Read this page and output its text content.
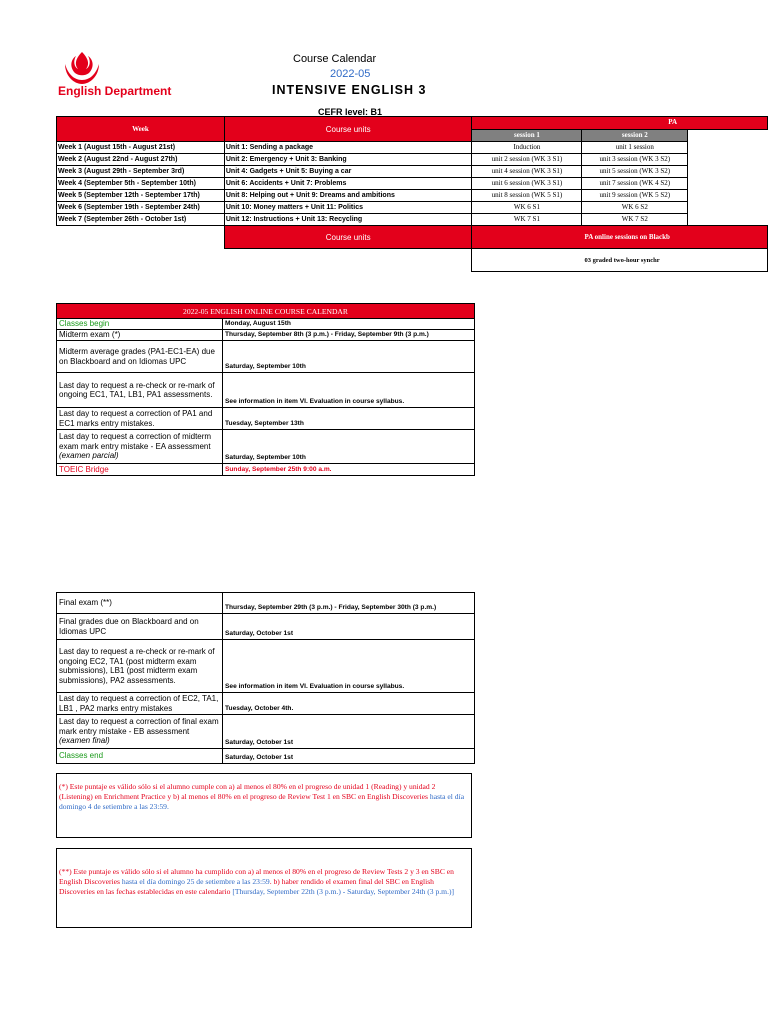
English Department
Course Calendar
2022-05
INTENSIVE ENGLISH 3
CEFR level: B1
Week	Course units	PA		
		session 1	session 2	
Week 1 (August 15th - August 21st)	Unit 1: Sending a package	Induction	unit 1 session	
Week 2 (August 22nd - August 27th)	Unit 2: Emergency + Unit 3: Banking	unit 2 session (WK 3 S1)	unit 3 session (WK 3 S2)	
Week 3 (August 29th - September 3rd)	Unit 4: Gadgets + Unit 5: Buying a car	unit 4 session (WK 3 S1)	unit 5 session (WK 3 S2)	
Week 4 (September 5th - September 10th)	Unit 6: Accidents + Unit 7: Problems	unit 6 session (WK 3 S1)	unit 7 session (WK 4 S2)	
Week 5 (September 12th - September 17th)	Unit 8: Helping out + Unit 9: Dreams and ambitions	unit 8 session (WK 5 S1)	unit 9 session (WK 5 S2)	
Week 6 (September 19th - September 24th)	Unit 10: Money matters + Unit 11: Politics	WK 6 S1	WK 6 S2	
Week 7 (September 26th - October 1st)	Unit 12: Instructions + Unit 13: Recycling	WK 7 S1	WK 7 S2	
	Course units	PA online sessions on Blackb		
		03 graded two-hour synchr		
2022-05 ENGLISH ONLINE COURSE CALENDAR	
Classes begin	Monday, August 15th
Midterm exam (*)	Thursday, September 8th (3 p.m.) - Friday, September 9th (3 p.m.)
Midterm average grades (PA1-EC1-EA) due on Blackboard and on Idiomas UPC	Saturday, September 10th
Last day to request a re-check or re-mark of ongoing EC1, TA1, LB1, PA1 assessments.	See information in item VI. Evaluation in course syllabus.
Last day to request a correction of PA1 and EC1 marks entry mistakes.	Tuesday, September 13th
Last day to request a correction of midterm exam mark entry mistake - EA assessment
(examen parcial)	Saturday, September 10th
TOEIC Bridge	Sunday, September 25th 9:00 a.m.
Final exam (**)	Thursday, September 29th (3 p.m.) - Friday, September 30th (3 p.m.)
Final grades due on Blackboard and on Idiomas UPC	Saturday, October 1st
Last day to request a re-check or re-mark of ongoing EC2, TA1 (post midterm exam submissions), LB1 (post midterm exam submissions), PA2 assessments.	See information in item VI. Evaluation in course syllabus.
Last day to request a correction of EC2, TA1, LB1 , PA2 marks entry mistakes	Tuesday, October 4th.
Last day to request a correction of final exam mark entry mistake - EB assessment
(examen final)	Saturday, October 1st
Classes end	Saturday, October 1st
(*) Este puntaje es válido sólo si el alumno cumple con a) al menos el 80% en el progreso de unidad 1 (Reading) y unidad 2 (Listening) en Enrichment Practice y b) al menos el 80% en el progreso de Review Test 1 en SBC en English Discoveries hasta el día domingo 4 de setiembre a las 23:59.
(**) Este puntaje es válido sólo si el alumno ha cumplido con a) al menos el 80% en el progreso de Review Tests 2 y 3 en SBC en English Discoveries hasta el día domingo 25 de setiembre a las 23:59. b) haber rendido el examen final del SBC en English Discoveries en las fechas establecidas en este calendario [Thursday, September 22th (3 p.m.) - Saturday, September 24th (3 p.m.)]
